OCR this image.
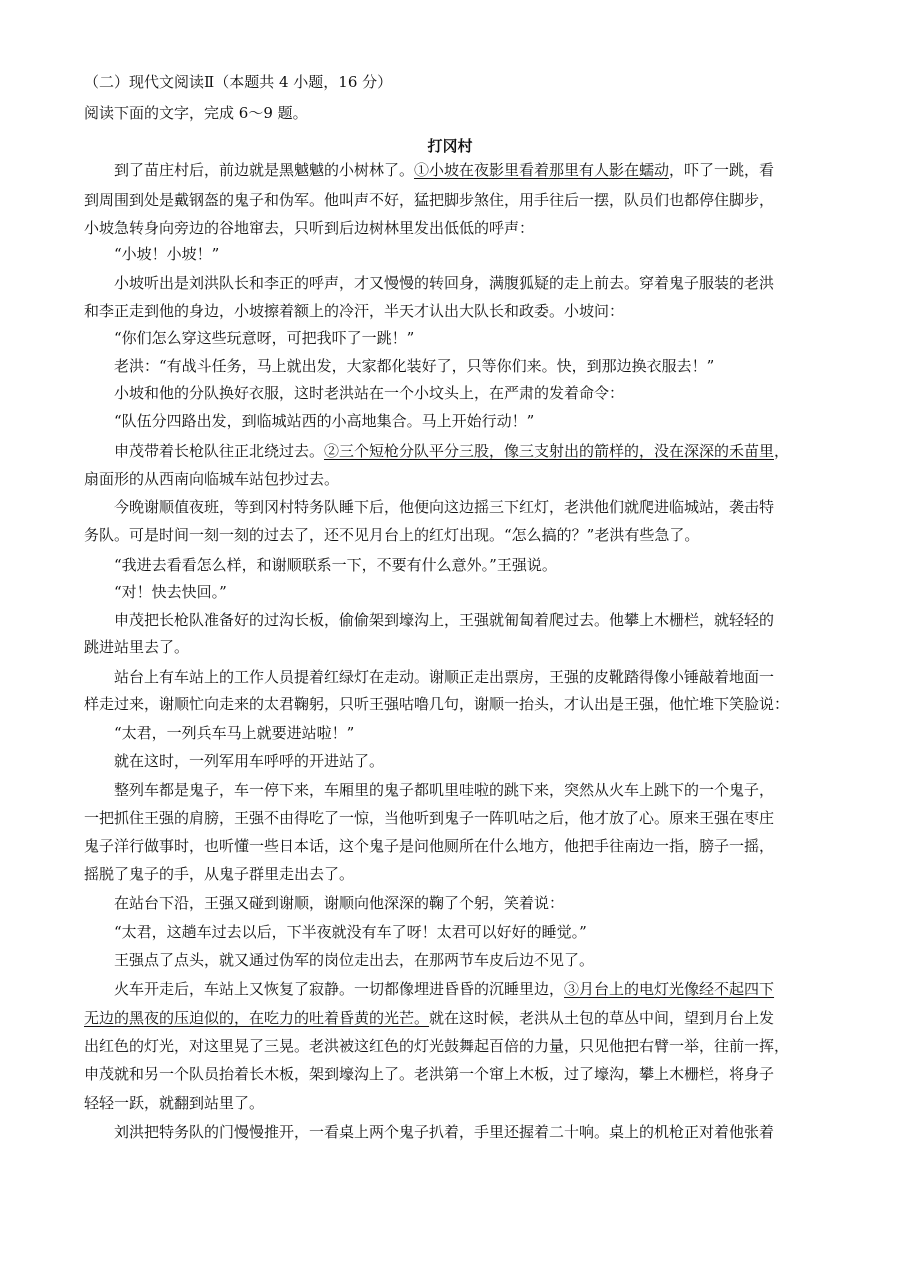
（二）现代文阅读Ⅱ（本题共 4 小题，16 分）
阅读下面的文字，完成 6～9 题。
打冈村
到了苗庄村后，前边就是黑魆魆的小树林了。①小坡在夜影里看着那里有人影在蠕动，吓了一跳，看
到周围到处是戴钢盔的鬼子和伪军。他叫声不好，猛把脚步煞住，用手往后一摆，队员们也都停住脚步，
小坡急转身向旁边的谷地窜去，只听到后边树林里发出低低的呼声：
“小坡！小坡！”
小坡听出是刘洪队长和李正的呼声，才又慢慢的转回身，满腹狐疑的走上前去。穿着鬼子服装的老洪
和李正走到他的身边，小坡擦着额上的冷汗，半天才认出大队长和政委。小坡问：
“你们怎么穿这些玩意呀，可把我吓了一跳！”
老洪：“有战斗任务，马上就出发，大家都化装好了，只等你们来。快，到那边换衣服去！”
小坡和他的分队换好衣服，这时老洪站在一个小坟头上，在严肃的发着命令：
“队伍分四路出发，到临城站西的小高地集合。马上开始行动！”
申茂带着长枪队往正北绕过去。②三个短枪分队平分三股，像三支射出的箭样的，没在深深的禾苗里，
扇面形的从西南向临城车站包抄过去。
今晚谢顺值夜班，等到冈村特务队睡下后，他便向这边摇三下红灯，老洪他们就爬进临城站，袭击特
务队。可是时间一刻一刻的过去了，还不见月台上的红灯出现。“怎么搞的？”老洪有些急了。
“我进去看看怎么样，和谢顺联系一下，不要有什么意外。”王强说。
“对！快去快回。”
申茂把长枪队准备好的过沟长板，偷偷架到壕沟上，王强就匍匐着爬过去。他攀上木栅栏，就轻轻的
跳进站里去了。
站台上有车站上的工作人员提着红绿灯在走动。谢顺正走出票房，王强的皮靴踏得像小锤敲着地面一
样走过来，谢顺忙向走来的太君鞠躬，只听王强咕噜几句，谢顺一抬头，才认出是王强，他忙堆下笑脸说：
“太君，一列兵车马上就要进站啦！”
就在这时，一列军用车呼呼的开进站了。
整列车都是鬼子，车一停下来，车厢里的鬼子都叽里哇啦的跳下来，突然从火车上跳下的一个鬼子，
一把抓住王强的肩膀，王强不由得吃了一惊，当他听到鬼子一阵叽咕之后，他才放了心。原来王强在枣庄
鬼子洋行做事时，也听懂一些日本话，这个鬼子是问他厕所在什么地方，他把手往南边一指，膀子一摇，
摇脱了鬼子的手，从鬼子群里走出去了。
在站台下沿，王强又碰到谢顺，谢顺向他深深的鞠了个躬，笑着说：
“太君，这趟车过去以后，下半夜就没有车了呀！太君可以好好的睡觉。”
王强点了点头，就又通过伪军的岗位走出去，在那两节车皮后边不见了。
火车开走后，车站上又恢复了寂静。一切都像埋进昏昏的沉睡里边，③月台上的电灯光像经不起四下
无边的黑夜的压迫似的，在吃力的吐着昏黄的光芒。就在这时候，老洪从土包的草丛中间，望到月台上发
出红色的灯光，对这里晃了三晃。老洪被这红色的灯光鼓舞起百倍的力量，只见他把右臂一举，往前一挥，
申茂就和另一个队员抬着长木板，架到壕沟上了。老洪第一个窜上木板，过了壕沟，攀上木栅栏，将身子
轻轻一跃，就翻到站里了。
刘洪把特务队的门慢慢推开，一看桌上两个鬼子扒着，手里还握着二十响。桌上的机枪正对着他张着
